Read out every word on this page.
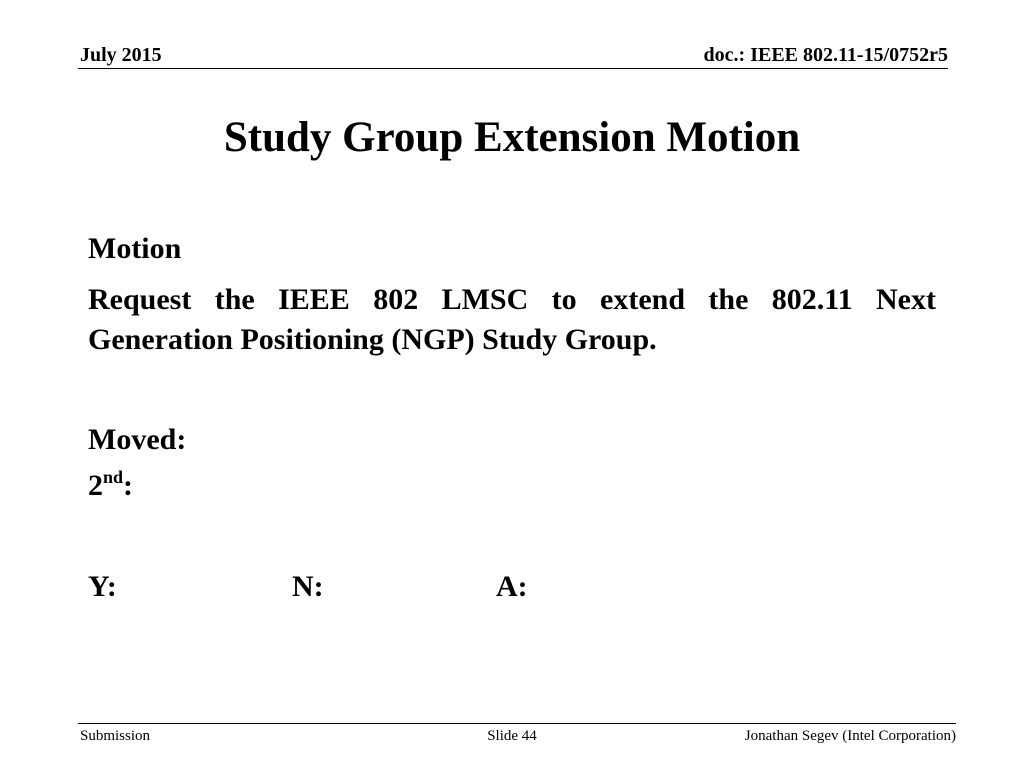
July 2015	doc.: IEEE 802.11-15/0752r5
Study Group Extension Motion
Motion
Request the IEEE 802 LMSC to extend the 802.11 Next Generation Positioning (NGP) Study Group.
Moved:
2nd:
Y:	N:	A:
Submission	Slide 44	Jonathan Segev (Intel Corporation)
